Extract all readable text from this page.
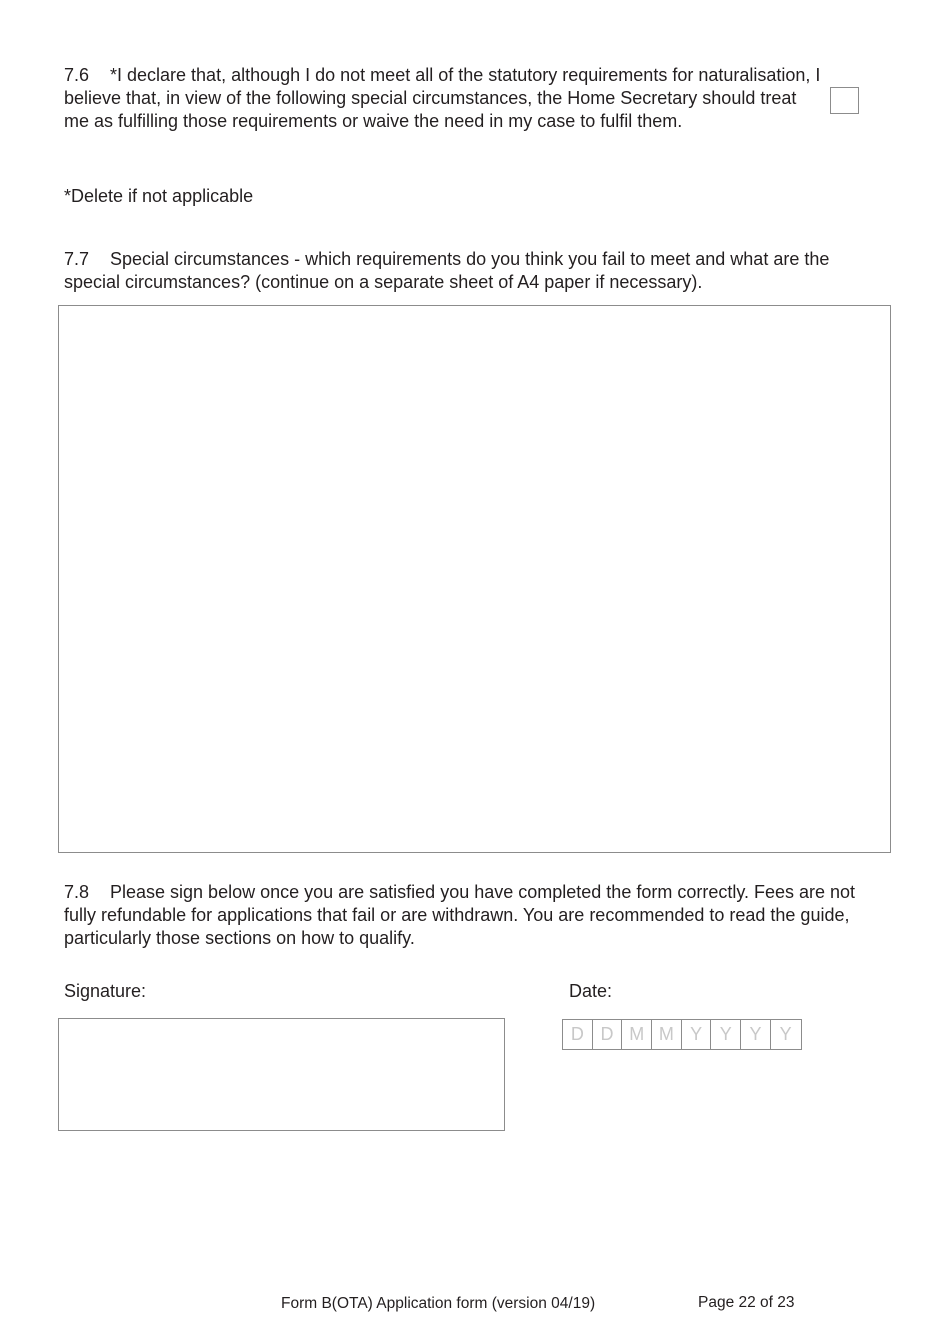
7.6 *I declare that, although I do not meet all of the statutory requirements for naturalisation, I believe that, in view of the following special circumstances, the Home Secretary should treat me as fulfilling those requirements or waive the need in my case to fulfil them.

*Delete if not applicable

7.7 Special circumstances - which requirements do you think you fail to meet and what are the special circumstances? (continue on a separate sheet of A4 paper if necessary).

7.8 Please sign below once you are satisfied you have completed the form correctly. Fees are not fully refundable for applications that fail or are withdrawn. You are recommended to read the guide, particularly those sections on how to qualify.

Signature:	Date:

D D M M Y Y Y	Y
Form B(OTA) Application form (version 04/19)	Page 22 of 23
